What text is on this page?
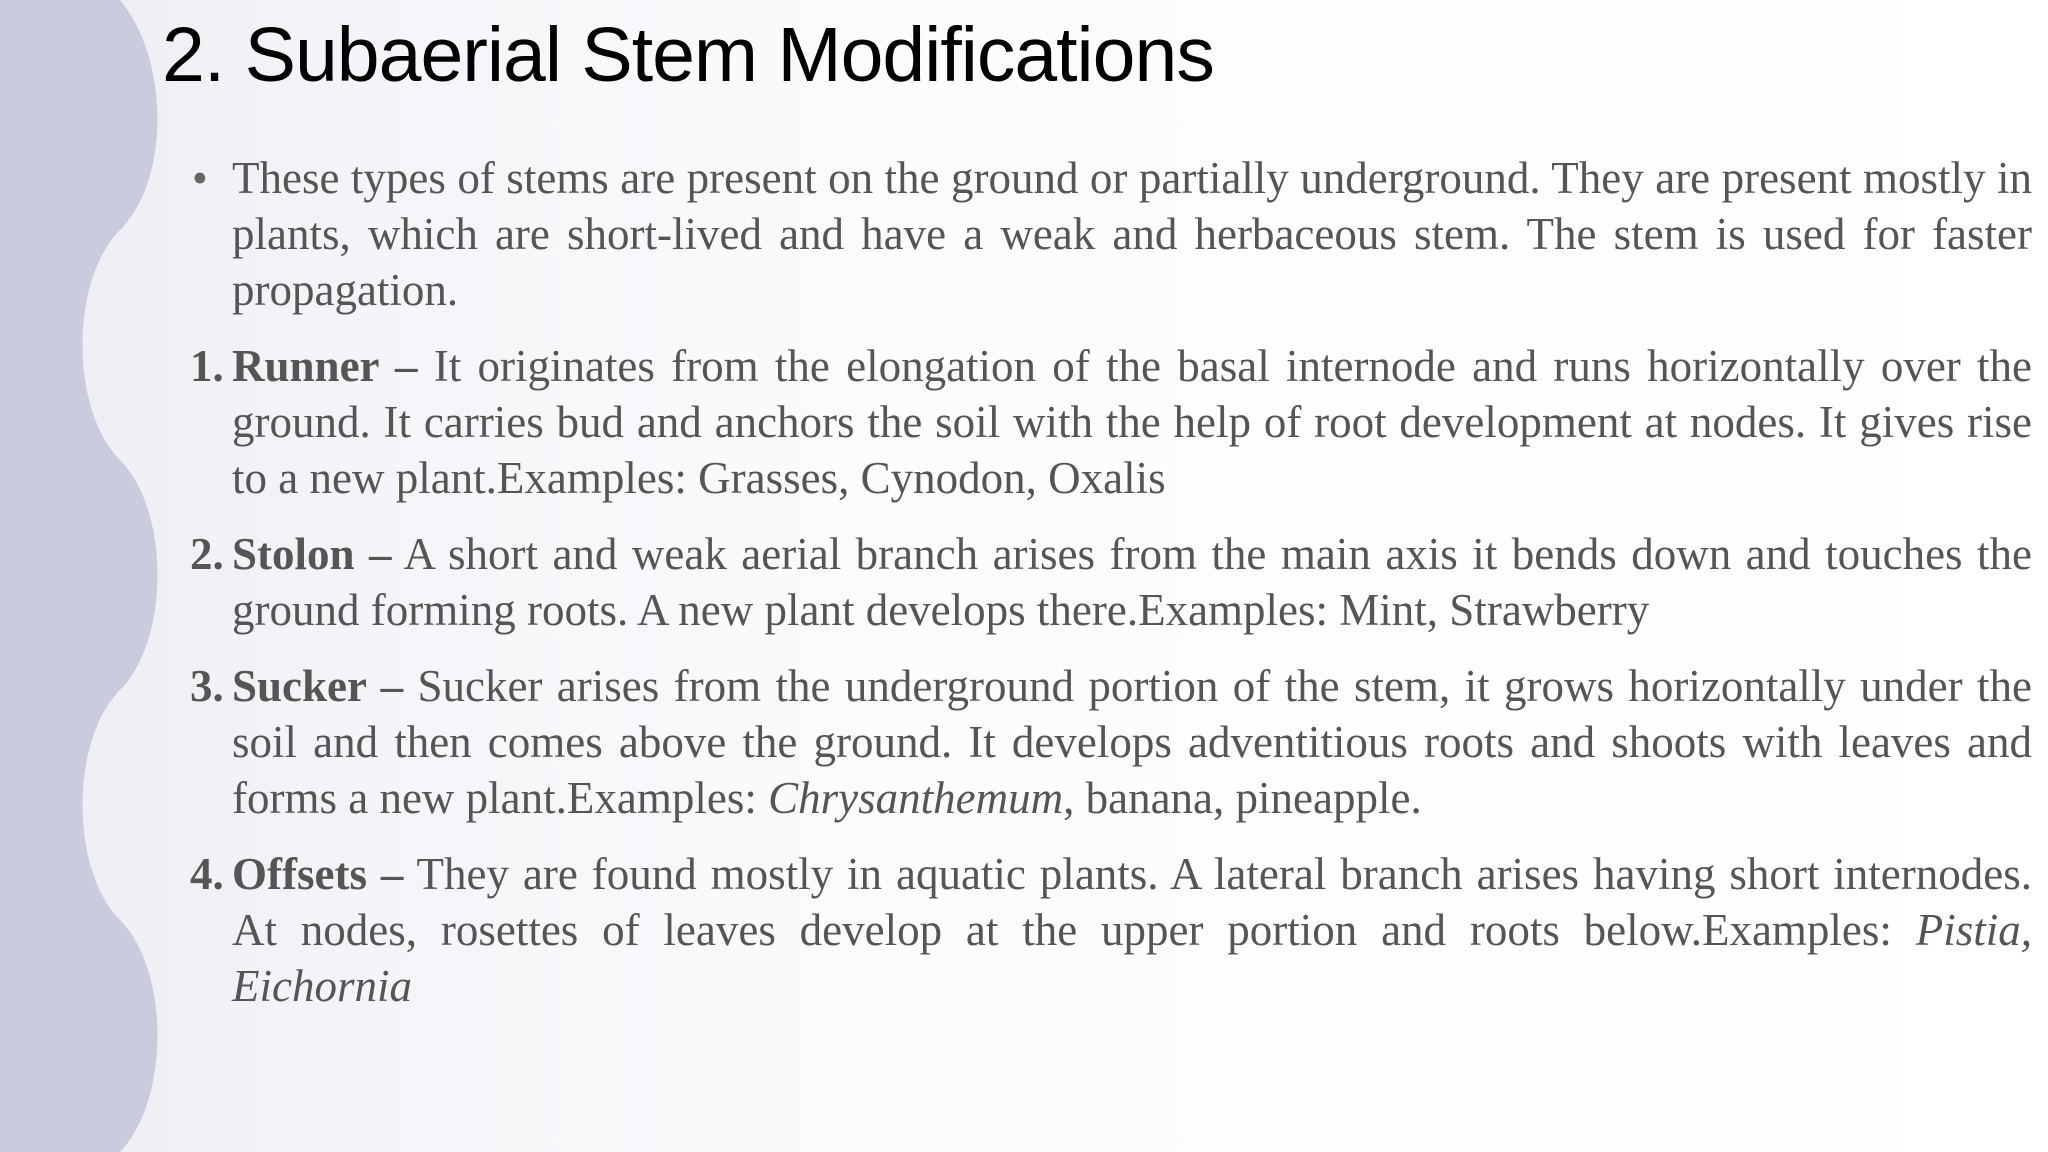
2. Subaerial Stem Modifications

• These types of stems are present on the ground or partially underground. They are present mostly in plants, which are short-lived and have a weak and herbaceous stem. The stem is used for faster propagation.

1. Runner – It originates from the elongation of the basal internode and runs horizontally over the ground. It carries bud and anchors the soil with the help of root development at nodes. It gives rise to a new plant.Examples: Grasses, Cynodon, Oxalis

2. Stolon – A short and weak aerial branch arises from the main axis it bends down and touches the ground forming roots. A new plant develops there.Examples: Mint, Strawberry

3. Sucker – Sucker arises from the underground portion of the stem, it grows horizontally under the soil and then comes above the ground. It develops adventitious roots and shoots with leaves and forms a new plant.Examples: Chrysanthemum, banana, pineapple.

4. Offsets – They are found mostly in aquatic plants. A lateral branch arises having short internodes. At nodes, rosettes of leaves develop at the upper portion and roots below.Examples: Pistia, Eichornia
